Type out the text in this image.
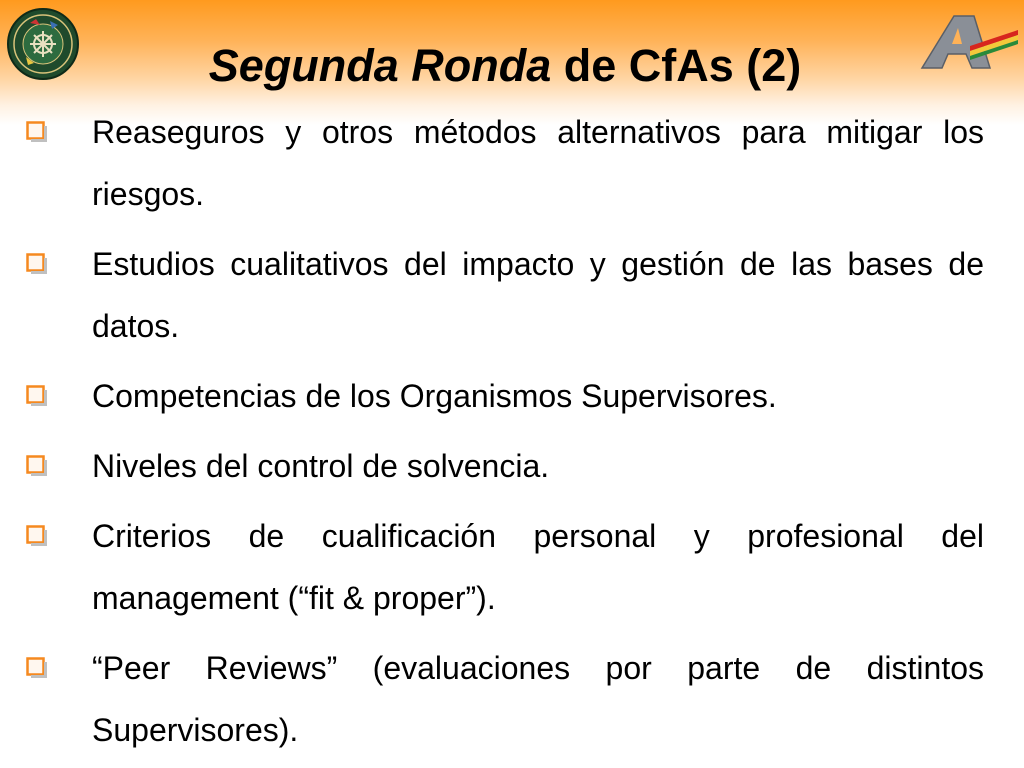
Segunda Ronda de CfAs (2)
Reaseguros y otros métodos alternativos para mitigar los riesgos.
Estudios cualitativos del impacto y gestión de las bases de datos.
Competencias de los Organismos Supervisores.
Niveles del control de solvencia.
Criterios de cualificación personal y profesional del management (“fit & proper”).
“Peer Reviews” (evaluaciones por parte de distintos Supervisores).
